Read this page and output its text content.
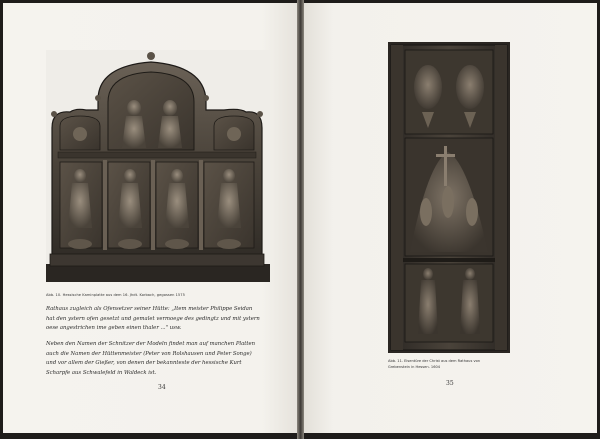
Abb. 10. Hessische Kaminplatte aus dem 16. Jhdt. Korbach, gegossen 1575
Rathaus zugleich als Ofensetzer seiner Hütte: „Item meister Philippe Seidan
hat den ystern ofen gesetzt und gemalet vermoege des gedingtz und mit ystern
oese angestrichen ime geben einen thaler ..." usw.
Neben den Namen der Schnitzer der Modeln findet man auf manchen Platten
auch die Namen der Hüttenmeister (Peter von Rolshausen und Peter Songe)
und vor allem der Gießer, von denen der bekannteste der hessische Kurt
Scharpfe aus Schwalefeld in Waldeck ist.
34
Abb. 11. Eisentüre der Christ aus dem Rathaus von
Grebenstein in Hessen. 1604
35
